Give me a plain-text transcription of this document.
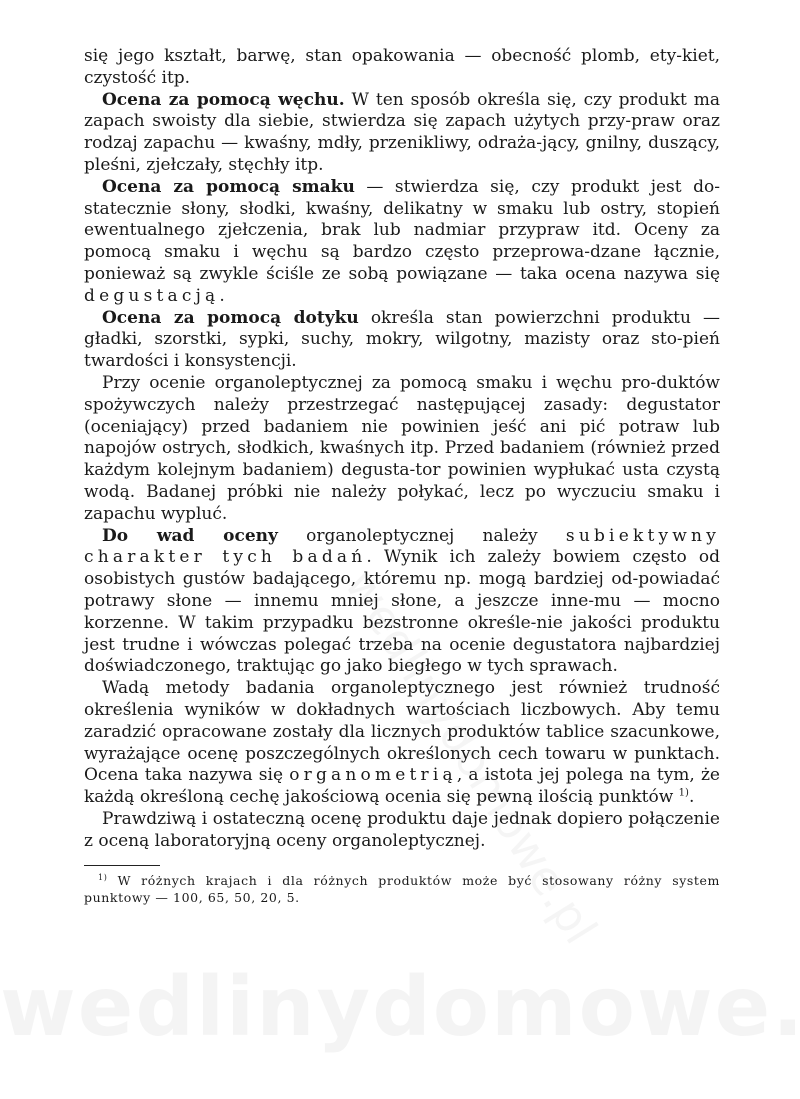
się jego kształt, barwę, stan opakowania — obecność plomb, ety-kiet, czystość itp.

Ocena za pomocą węchu. W ten sposób określa się, czy produkt ma zapach swoisty dla siebie, stwierdza się zapach użytych przy-praw oraz rodzaj zapachu — kwaśny, mdły, przenikliwy, odraża-jący, gnilny, duszący, pleśni, zjełczały, stęchły itp.

Ocena za pomocą smaku — stwierdza się, czy produkt jest do-statecznie słony, słodki, kwaśny, delikatny w smaku lub ostry, stopień ewentualnego zjełczenia, brak lub nadmiar przypraw itd. Oceny za pomocą smaku i węchu są bardzo często przeprowa-dzane łącznie, ponieważ są zwykle ściśle ze sobą powiązane — taka ocena nazywa się degustacją.

Ocena za pomocą dotyku określa stan powierzchni produktu — gładki, szorstki, sypki, suchy, mokry, wilgotny, mazisty oraz sto-pień twardości i konsystencji.

Przy ocenie organoleptycznej za pomocą smaku i węchu pro-duktów spożywczych należy przestrzegać następującej zasady: degustator (oceniający) przed badaniem nie powinien jeść ani pić potraw lub napojów ostrych, słodkich, kwaśnych itp. Przed badaniem (również przed każdym kolejnym badaniem) degusta-tor powinien wypłukać usta czystą wodą. Badanej próbki nie należy połykać, lecz po wyczuciu smaku i zapachu wypluć.

Do wad oceny organoleptycznej należy subiektywny charakter tych badań. Wynik ich zależy bowiem często od osobistych gustów badającego, któremu np. mogą bardziej od-powiadać potrawy słone — innemu mniej słone, a jeszcze inne-mu — mocno korzenne. W takim przypadku bezstronne określe-nie jakości produktu jest trudne i wówczas polegać trzeba na ocenie degustatora najbardziej doświadczonego, traktując go jako biegłego w tych sprawach.

Wadą metody badania organoleptycznego jest również trudność określenia wyników w dokładnych wartościach liczbowych. Aby temu zaradzić opracowane zostały dla licznych produktów tablice szacunkowe, wyrażające ocenę poszczególnych określonych cech towaru w punktach. Ocena taka nazywa się organometrią, a istota jej polega na tym, że każdą określoną cechę jakościową ocenia się pewną ilością punktów $^{1)}$.

Prawdziwą i ostateczną ocenę produktu daje jednak dopiero połączenie z oceną laboratoryjną oceny organoleptycznej.

$^{1)}$ W różnych krajach i dla różnych produktów może być stosowany różny system punktowy — 100, 65, 50, 20, 5.
